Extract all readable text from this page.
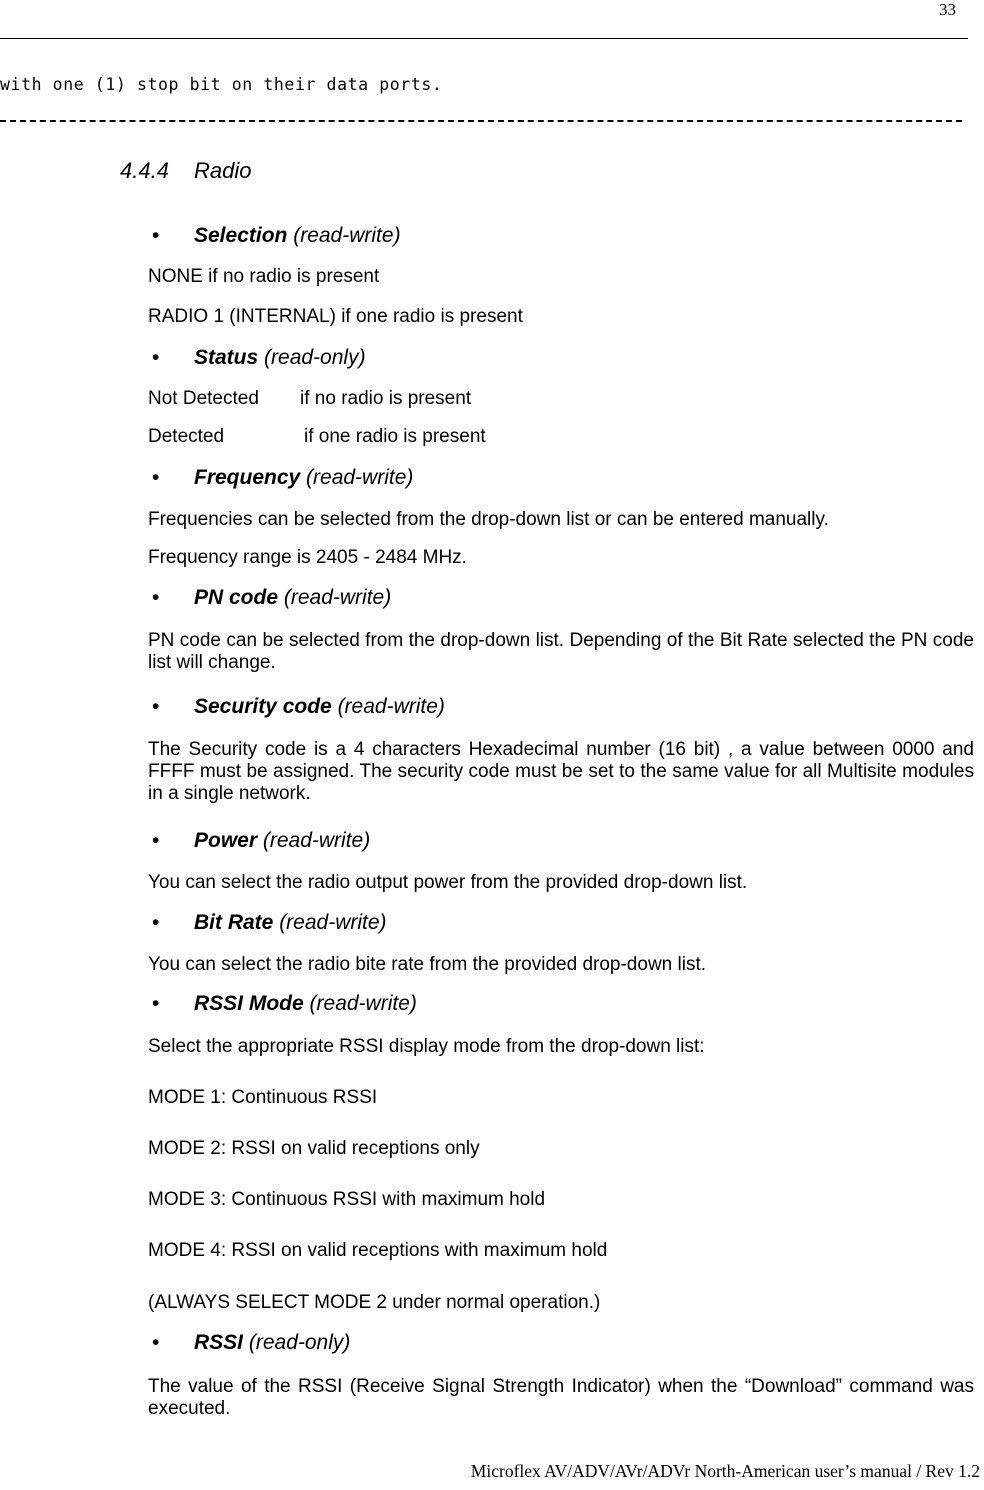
33
with one (1) stop bit on their data ports.
4.4.4 Radio
• Selection (read-write)
NONE if no radio is present
RADIO 1 (INTERNAL) if one radio is present
• Status (read-only)
Not Detected if no radio is present
Detected	if one radio is present
• Frequency (read-write)
Frequencies can be selected from the drop-down list or can be entered manually.
Frequency range is 2405 - 2484 MHz.
• PN code (read-write)
PN code can be selected from the drop-down list. Depending of the Bit Rate selected the PN code list will change.
• Security code (read-write)
The Security code is a 4 characters Hexadecimal number (16 bit) , a value between 0000 and FFFF must be assigned. The security code must be set to the same value for all Multisite modules in a single network.
• Power (read-write)
You can select the radio output power from the provided drop-down list.
• Bit Rate (read-write)
You can select the radio bite rate from the provided drop-down list.
• RSSI Mode (read-write)
Select the appropriate RSSI display mode from the drop-down list:
MODE 1: Continuous RSSI
MODE 2: RSSI on valid receptions only
MODE 3: Continuous RSSI with maximum hold
MODE 4: RSSI on valid receptions with maximum hold
(ALWAYS SELECT MODE 2 under normal operation.)
• RSSI (read-only)
The value of the RSSI (Receive Signal Strength Indicator) when the “Download” command was executed.
Microflex AV/ADV/AVr/ADVr North-American user’s manual / Rev 1.2
